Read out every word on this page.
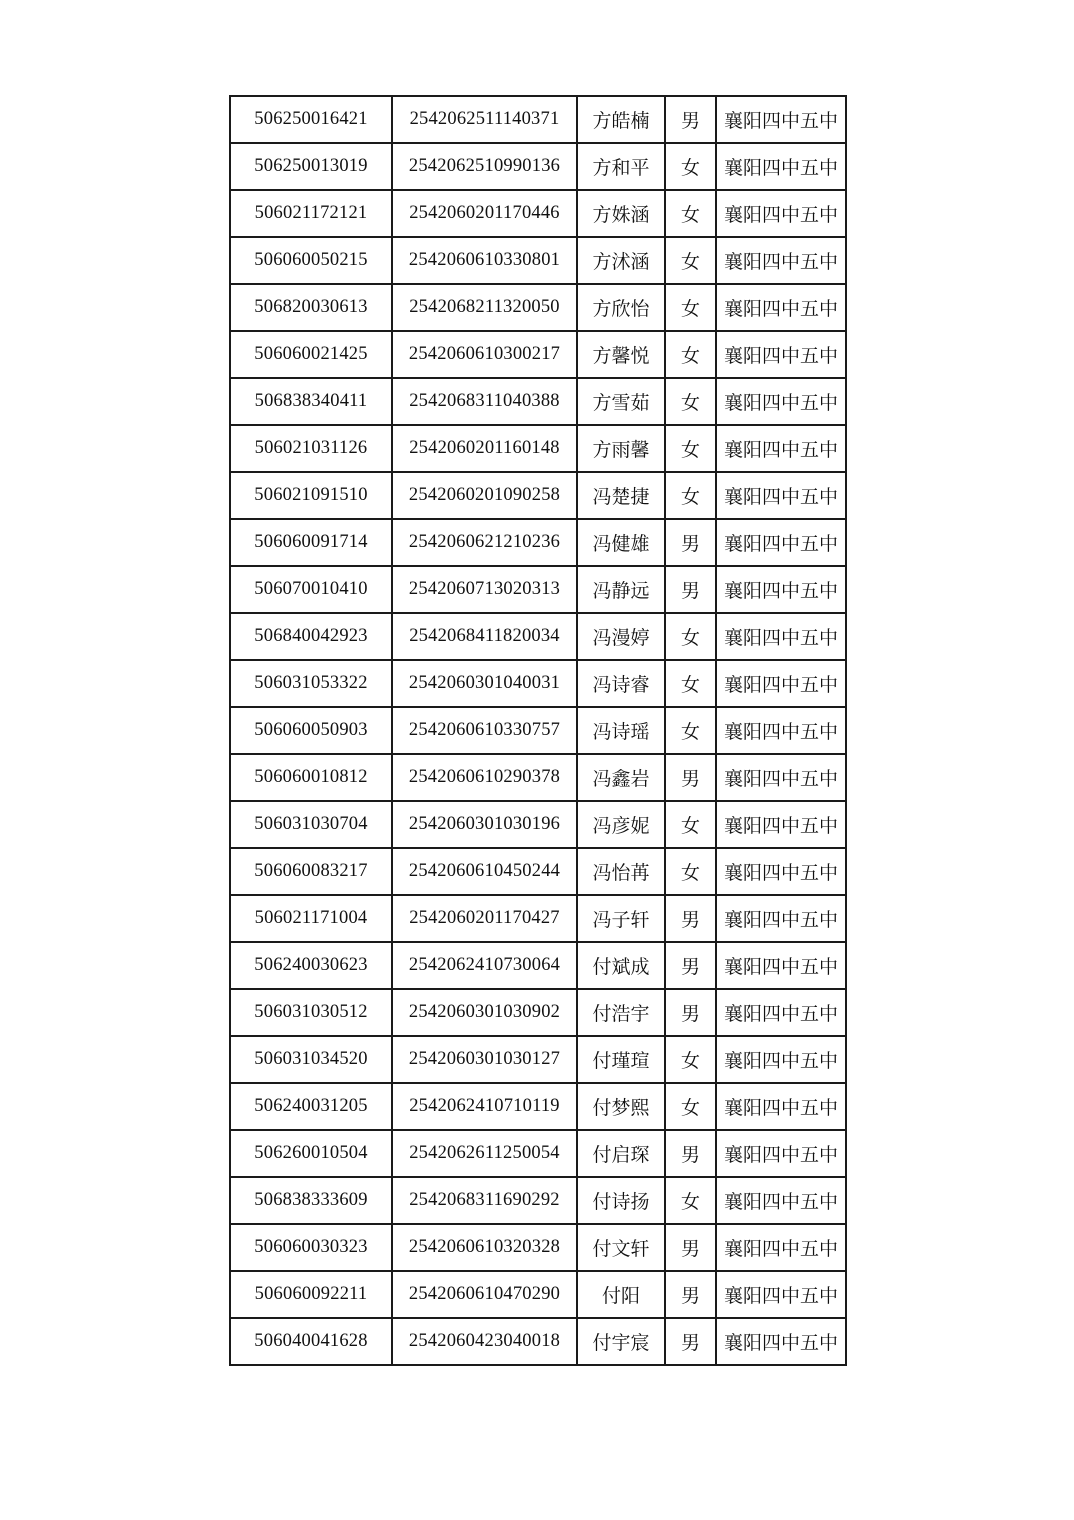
506250016421	2542062511140371	方皓楠	男	襄阳四中五中
506250013019	2542062510990136	方和平	女	襄阳四中五中
506021172121	2542060201170446	方姝涵	女	襄阳四中五中
506060050215	2542060610330801	方沭涵	女	襄阳四中五中
506820030613	2542068211320050	方欣怡	女	襄阳四中五中
506060021425	2542060610300217	方馨悦	女	襄阳四中五中
506838340411	2542068311040388	方雪茹	女	襄阳四中五中
506021031126	2542060201160148	方雨馨	女	襄阳四中五中
506021091510	2542060201090258	冯楚捷	女	襄阳四中五中
506060091714	2542060621210236	冯健雄	男	襄阳四中五中
506070010410	2542060713020313	冯静远	男	襄阳四中五中
506840042923	2542068411820034	冯漫婷	女	襄阳四中五中
506031053322	2542060301040031	冯诗睿	女	襄阳四中五中
506060050903	2542060610330757	冯诗瑶	女	襄阳四中五中
506060010812	2542060610290378	冯鑫岩	男	襄阳四中五中
506031030704	2542060301030196	冯彦妮	女	襄阳四中五中
506060083217	2542060610450244	冯怡苒	女	襄阳四中五中
506021171004	2542060201170427	冯子轩	男	襄阳四中五中
506240030623	2542062410730064	付斌成	男	襄阳四中五中
506031030512	2542060301030902	付浩宇	男	襄阳四中五中
506031034520	2542060301030127	付瑾瑄	女	襄阳四中五中
506240031205	2542062410710119	付梦熙	女	襄阳四中五中
506260010504	2542062611250054	付启琛	男	襄阳四中五中
506838333609	2542068311690292	付诗扬	女	襄阳四中五中
506060030323	2542060610320328	付文轩	男	襄阳四中五中
506060092211	2542060610470290	付阳	男	襄阳四中五中
506040041628	2542060423040018	付宇宸	男	襄阳四中五中
